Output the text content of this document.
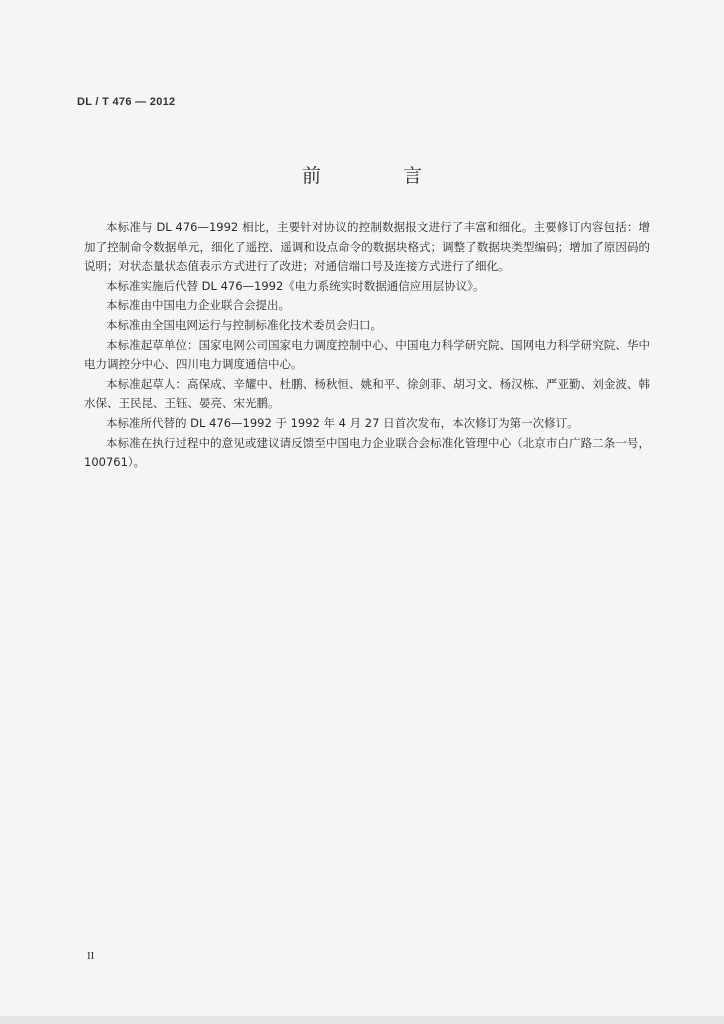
DL / T 476 — 2012
前 言

本标准与 DL 476—1992 相比，主要针对协议的控制数据报文进行了丰富和细化。主要修订内容包括：增加了控制命令数据单元，细化了遥控、遥调和设点命令的数据块格式；调整了数据块类型编码；增加了原因码的说明；对状态量状态值表示方式进行了改进；对通信端口号及连接方式进行了细化。

本标准实施后代替 DL 476—1992《电力系统实时数据通信应用层协议》。

本标准由中国电力企业联合会提出。

本标准由全国电网运行与控制标准化技术委员会归口。

本标准起草单位：国家电网公司国家电力调度控制中心、中国电力科学研究院、国网电力科学研究院、华中电力调控分中心、四川电力调度通信中心。

本标准起草人：高保成、辛耀中、杜鹏、杨秋恒、姚和平、徐剑菲、胡习文、杨汉栋、严亚勤、刘金波、韩水保、王民昆、王钰、晏亮、宋光鹏。

本标准所代替的 DL 476—1992 于 1992 年 4 月 27 日首次发布，本次修订为第一次修订。

本标准在执行过程中的意见或建议请反馈至中国电力企业联合会标准化管理中心（北京市白广路二条一号，100761）。

II
